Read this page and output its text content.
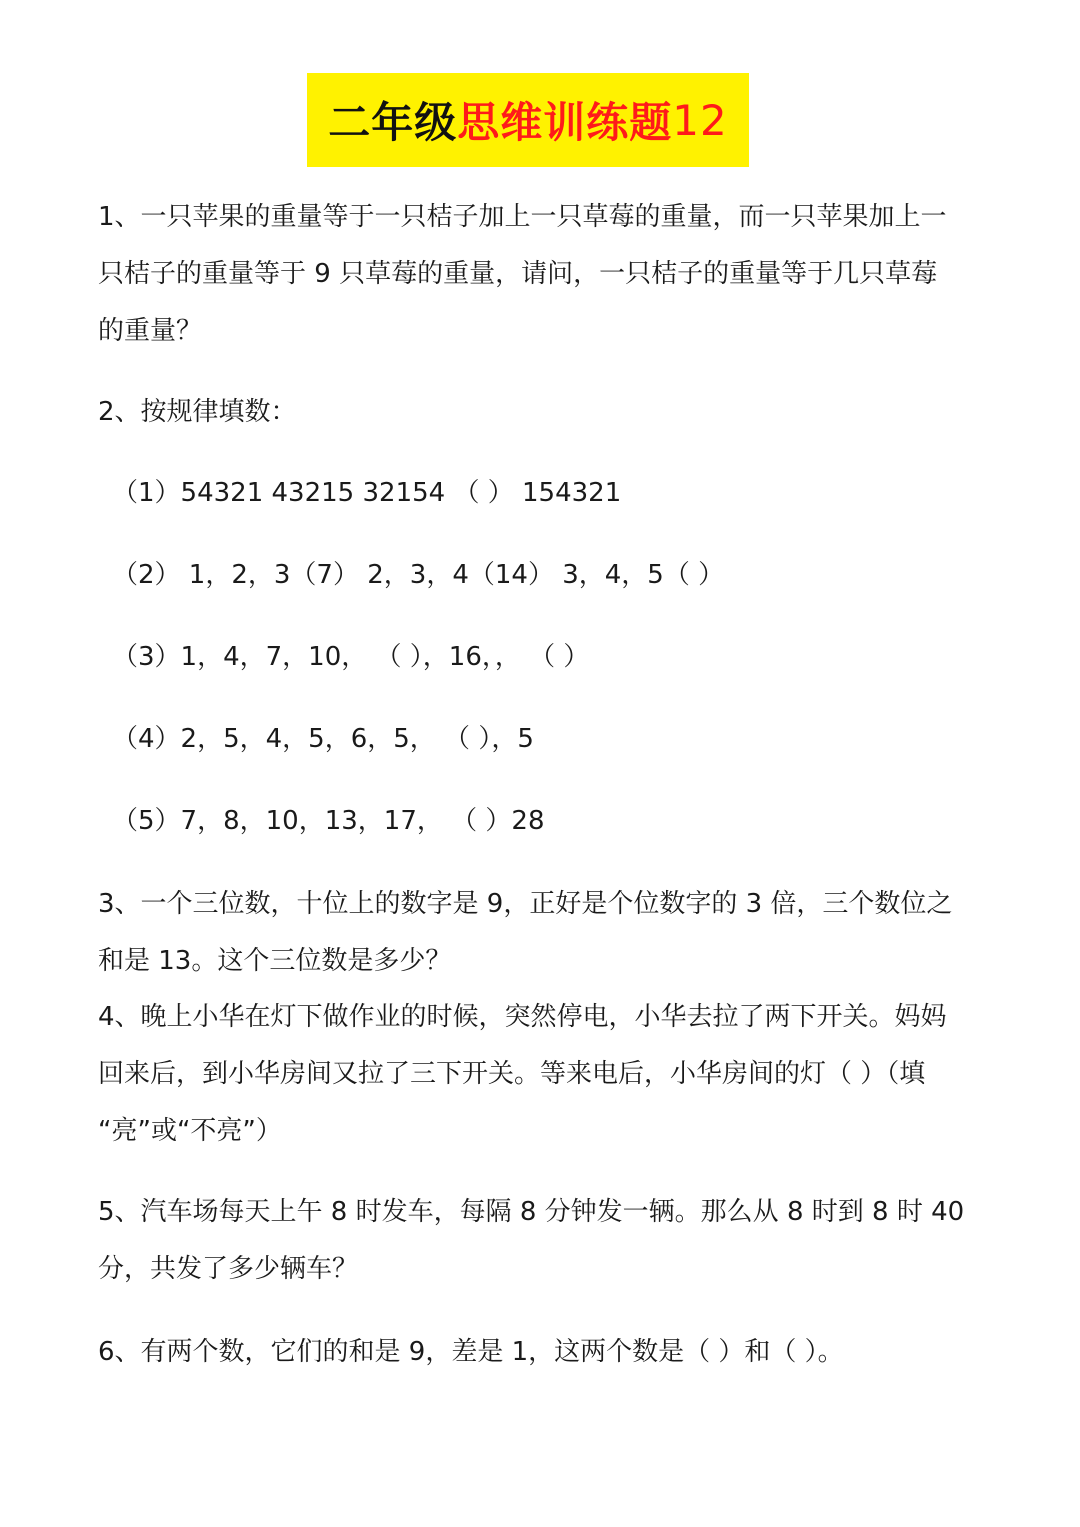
二年级 思维训练题 12
1、一只苹果的重量等于一只桔子加上一只草莓的重量，而一只苹果加上一
只桔子的重量等于 9 只草莓的重量，请问，一只桔子的重量等于几只草莓
的重量？
2、按规律填数：
（1）54321 43215 32154 （ ） 154321
（2） 1，2，3（7） 2，3，4（14） 3，4，5（ ）
（3）1，4，7，10， （ ），16，， （ ）
（4）2，5，4，5，6，5， （ ），5
（5）7，8，10，13，17， （ ）28
3、一个三位数，十位上的数字是 9，正好是个位数字的 3 倍，三个数位之
和是 13。这个三位数是多少？
4、晚上小华在灯下做作业的时候，突然停电，小华去拉了两下开关。妈妈
回来后，到小华房间又拉了三下开关。等来电后，小华房间的灯（ ）（填
“亮”或“不亮”）
5、汽车场每天上午 8 时发车，每隔 8 分钟发一辆。那么从 8 时到 8 时 40
分，共发了多少辆车？
6、有两个数，它们的和是 9，差是 1，这两个数是（ ）和（ ）。
